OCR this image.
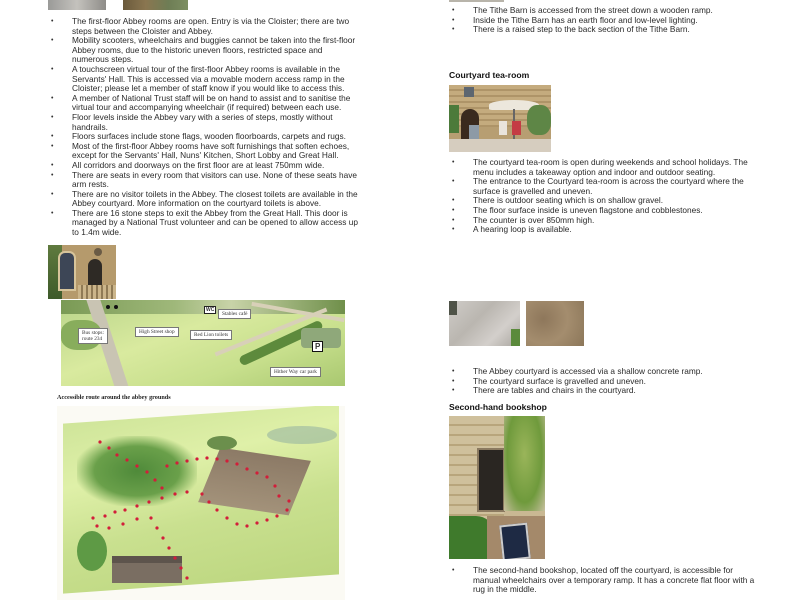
• The first-floor Abbey rooms are open. Entry is via the Cloister; there are two steps between the Cloister and Abbey.
• Mobility scooters, wheelchairs and buggies cannot be taken into the first-floor Abbey rooms, due to the historic uneven floors, restricted space and numerous steps.
• A touchscreen virtual tour of the first-floor Abbey rooms is available in the Servants' Hall. This is accessed via a movable modern access ramp in the Cloister; please let a member of staff know if you would like to access this.
• A member of National Trust staff will be on hand to assist and to sanitise the virtual tour and accompanying wheelchair (if required) between each use.
• Floor levels inside the Abbey vary with a series of steps, mostly without handrails.
• Floors surfaces include stone flags, wooden floorboards, carpets and rugs.
• Most of the first-floor Abbey rooms have soft furnishings that soften echoes, except for the Servants' Hall, Nuns' Kitchen, Short Lobby and Great Hall.
• All corridors and doorways on the first floor are at least 750mm wide.
• There are seats in every room that visitors can use. None of these seats have arm rests.
• There are no visitor toilets in the Abbey. The closest toilets are available in the Abbey courtyard. More information on the courtyard toilets is above.
• There are 16 stone steps to exit the Abbey from the Great Hall. This door is managed by a National Trust volunteer and can be opened to allow access up to 1.4m wide.
Bus stops:
route 234
High Street shop
WC
Stables café
Red Lion toilets
P
Hither Way car park
Accessible route around the abbey grounds
• The Tithe Barn is accessed from the street down a wooden ramp.
• Inside the Tithe Barn has an earth floor and low-level lighting.
• There is a raised step to the back section of the Tithe Barn.
Courtyard tea-room
• The courtyard tea-room is open during weekends and school holidays. The menu includes a takeaway option and indoor and outdoor seating.
• The entrance to the Courtyard tea-room is across the courtyard where the surface is gravelled and uneven.
• There is outdoor seating which is on shallow gravel.
• The floor surface inside is uneven flagstone and cobblestones.
• The counter is over 850mm high.
• A hearing loop is available.
• The Abbey courtyard is accessed via a shallow concrete ramp.
• The courtyard surface is gravelled and uneven.
• There are tables and chairs in the courtyard.
Second-hand bookshop
• The second-hand bookshop, located off the courtyard, is accessible for manual wheelchairs over a temporary ramp. It has a concrete flat floor with a rug in the middle.
